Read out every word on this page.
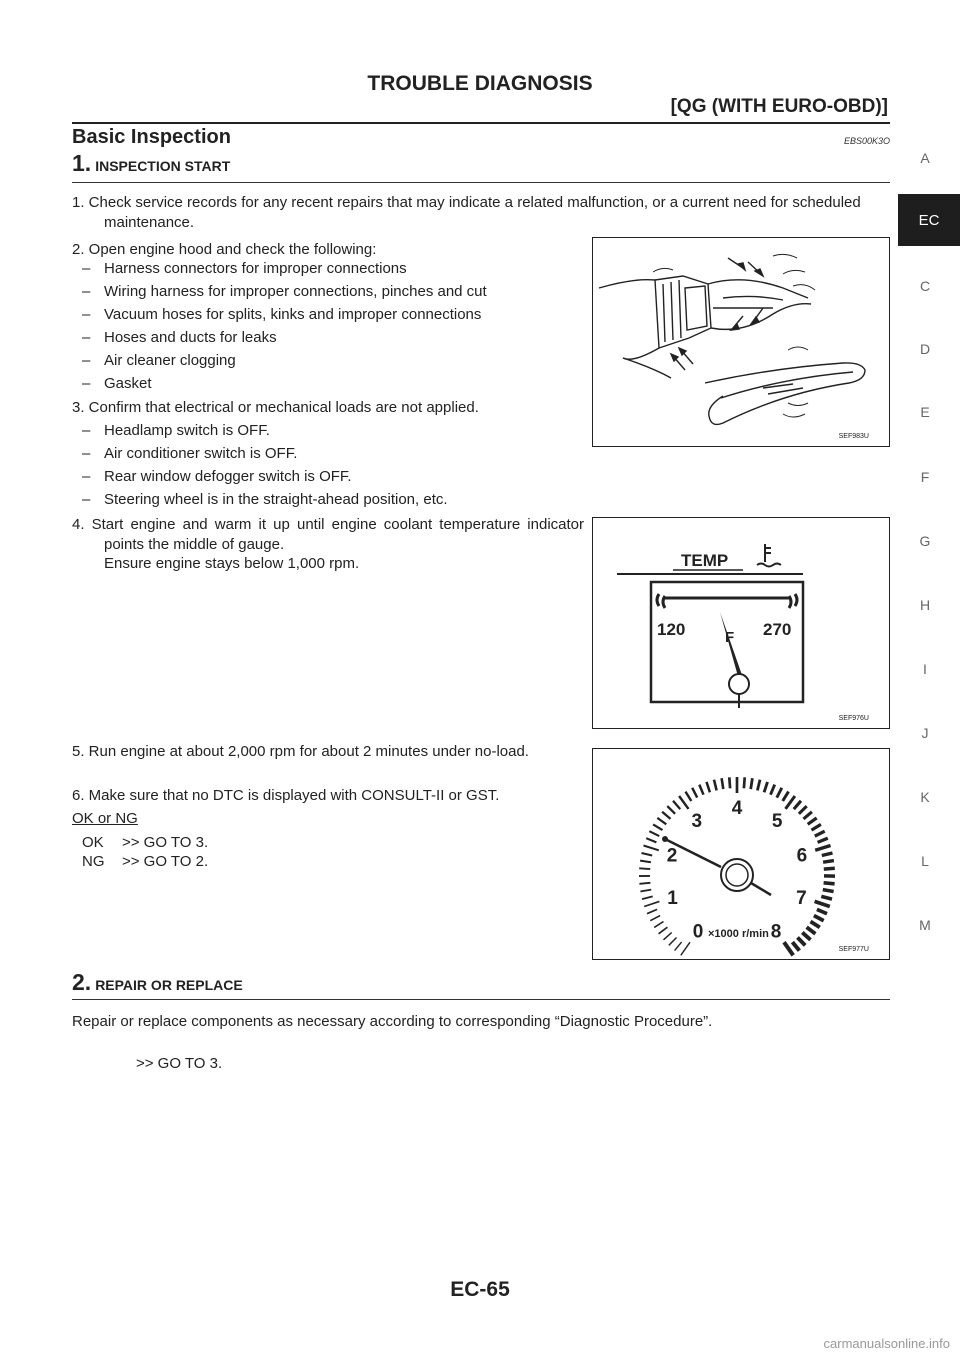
TROUBLE DIAGNOSIS
[QG (WITH EURO-OBD)]
A
EC
C
D
E
F
G
H
I
J
K
L
M
Basic Inspection	EBS00K3O
1. INSPECTION START
1. Check service records for any recent repairs that may indicate a related malfunction, or a current need for scheduled maintenance.
2. Open engine hood and check the following:
– Harness connectors for improper connections
– Wiring harness for improper connections, pinches and cut
– Vacuum hoses for splits, kinks and improper connections
– Hoses and ducts for leaks
– Air cleaner clogging
– Gasket
3. Confirm that electrical or mechanical loads are not applied.
– Headlamp switch is OFF.
– Air conditioner switch is OFF.
– Rear window defogger switch is OFF.
– Steering wheel is in the straight-ahead position, etc.
4. Start engine and warm it up until engine coolant temperature indicator points the middle of gauge.
Ensure engine stays below 1,000 rpm.
5. Run engine at about 2,000 rpm for about 2 minutes under no-load.
6. Make sure that no DTC is displayed with CONSULT-II or GST.
OK or NG
OK >> GO TO 3.
NG >> GO TO 2.
2. REPAIR OR REPLACE
Repair or replace components as necessary according to corresponding “Diagnostic Procedure”.
>> GO TO 3.
SEF983U
TEMP
120	270
F
SEF976U
0
1
2
3
4
5
6
7
8
×1000 r/min
SEF977U
EC-65
carmanualsonline.info
